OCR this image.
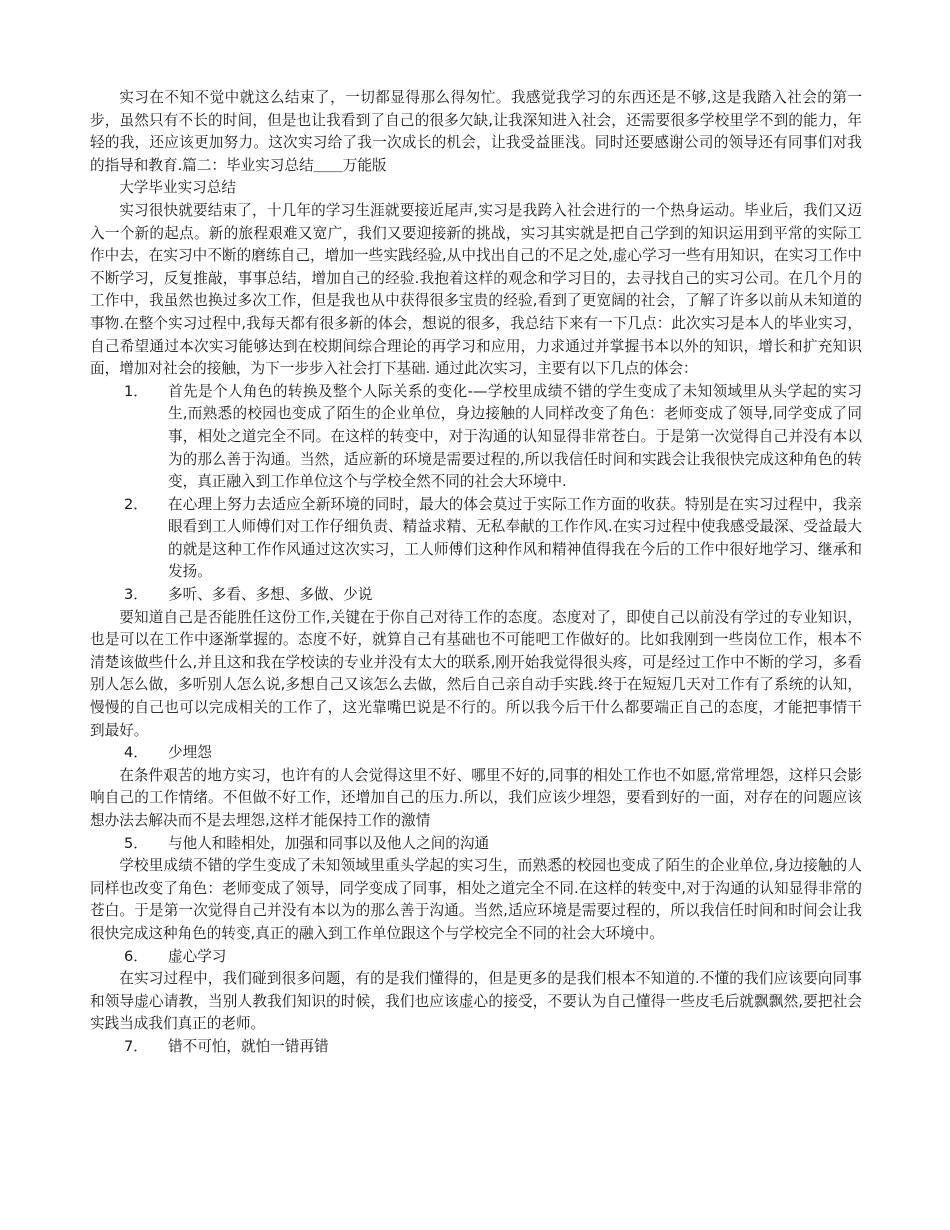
实习在不知不觉中就这么结束了，一切都显得那么得匆忙。我感觉我学习的东西还是不够,这是我踏入社会的第一步，虽然只有不长的时间，但是也让我看到了自己的很多欠缺,让我深知进入社会，还需要很多学校里学不到的能力，年轻的我，还应该更加努力。这次实习给了我一次成长的机会，让我受益匪浅。同时还要感谢公司的领导还有同事们对我的指导和教育.篇二：毕业实习总结＿＿万能版

大学毕业实习总结

实习很快就要结束了，十几年的学习生涯就要接近尾声,实习是我跨入社会进行的一个热身运动。毕业后，我们又迈入一个新的起点。新的旅程艰难又宽广，我们又要迎接新的挑战，实习其实就是把自己学到的知识运用到平常的实际工作中去，在实习中不断的磨练自己，增加一些实践经验,从中找出自己的不足之处,虚心学习一些有用知识，在实习工作中不断学习，反复推敲，事事总结，增加自己的经验.我抱着这样的观念和学习目的，去寻找自己的实习公司。在几个月的工作中，我虽然也换过多次工作，但是我也从中获得很多宝贵的经验,看到了更宽阔的社会，了解了许多以前从未知道的事物.在整个实习过程中,我每天都有很多新的体会，想说的很多，我总结下来有一下几点：此次实习是本人的毕业实习，自己希望通过本次实习能够达到在校期间综合理论的再学习和应用，力求通过并掌握书本以外的知识，增长和扩充知识面，增加对社会的接触，为下一步步入社会打下基础. 通过此次实习，主要有以下几点的体会：

1．	首先是个人角色的转换及整个人际关系的变化-—学校里成绩不错的学生变成了未知领域里从头学起的实习生,而熟悉的校园也变成了陌生的企业单位，身边接触的人同样改变了角色：老师变成了领导,同学变成了同事，相处之道完全不同。在这样的转变中，对于沟通的认知显得非常苍白。于是第一次觉得自己并没有本以为的那么善于沟通。当然，适应新的环境是需要过程的,所以我信任时间和实践会让我很快完成这种角色的转变，真正融入到工作单位这个与学校全然不同的社会大环境中.
2．	在心理上努力去适应全新环境的同时，最大的体会莫过于实际工作方面的收获。特别是在实习过程中，我亲眼看到工人师傅们对工作仔细负责、精益求精、无私奉献的工作作风.在实习过程中使我感受最深、受益最大的就是这种工作作风通过这次实习，工人师傅们这种作风和精神值得我在今后的工作中很好地学习、继承和发扬。
3．	多听、多看、多想、多做、少说

要知道自己是否能胜任这份工作,关键在于你自己对待工作的态度。态度对了，即使自己以前没有学过的专业知识，也是可以在工作中逐渐掌握的。态度不好，就算自己有基础也不可能吧工作做好的。比如我刚到一些岗位工作，根本不清楚该做些什么,并且这和我在学校读的专业并没有太大的联系,刚开始我觉得很头疼，可是经过工作中不断的学习，多看别人怎么做，多听别人怎么说,多想自己又该怎么去做，然后自己亲自动手实践.终于在短短几天对工作有了系统的认知，慢慢的自己也可以完成相关的工作了，这光靠嘴巴说是不行的。所以我今后干什么都要端正自己的态度，才能把事情干到最好。

4．	少埋怨

在条件艰苦的地方实习，也许有的人会觉得这里不好、哪里不好的,同事的相处工作也不如愿,常常埋怨，这样只会影响自己的工作情绪。不但做不好工作，还增加自己的压力.所以，我们应该少埋怨，要看到好的一面，对存在的问题应该想办法去解决而不是去埋怨,这样才能保持工作的激情

5．	与他人和睦相处，加强和同事以及他人之间的沟通

学校里成绩不错的学生变成了未知领域里重头学起的实习生，而熟悉的校园也变成了陌生的企业单位,身边接触的人同样也改变了角色：老师变成了领导，同学变成了同事，相处之道完全不同.在这样的转变中,对于沟通的认知显得非常的苍白。于是第一次觉得自己并没有本以为的那么善于沟通。当然,适应环境是需要过程的，所以我信任时间和时间会让我很快完成这种角色的转变,真正的融入到工作单位跟这个与学校完全不同的社会大环境中。

6．	虚心学习

在实习过程中，我们碰到很多问题，有的是我们懂得的，但是更多的是我们根本不知道的.不懂的我们应该要向同事和领导虚心请教，当别人教我们知识的时候，我们也应该虚心的接受，不要认为自己懂得一些皮毛后就飘飘然,要把社会实践当成我们真正的老师。

7．	错不可怕，就怕一错再错
